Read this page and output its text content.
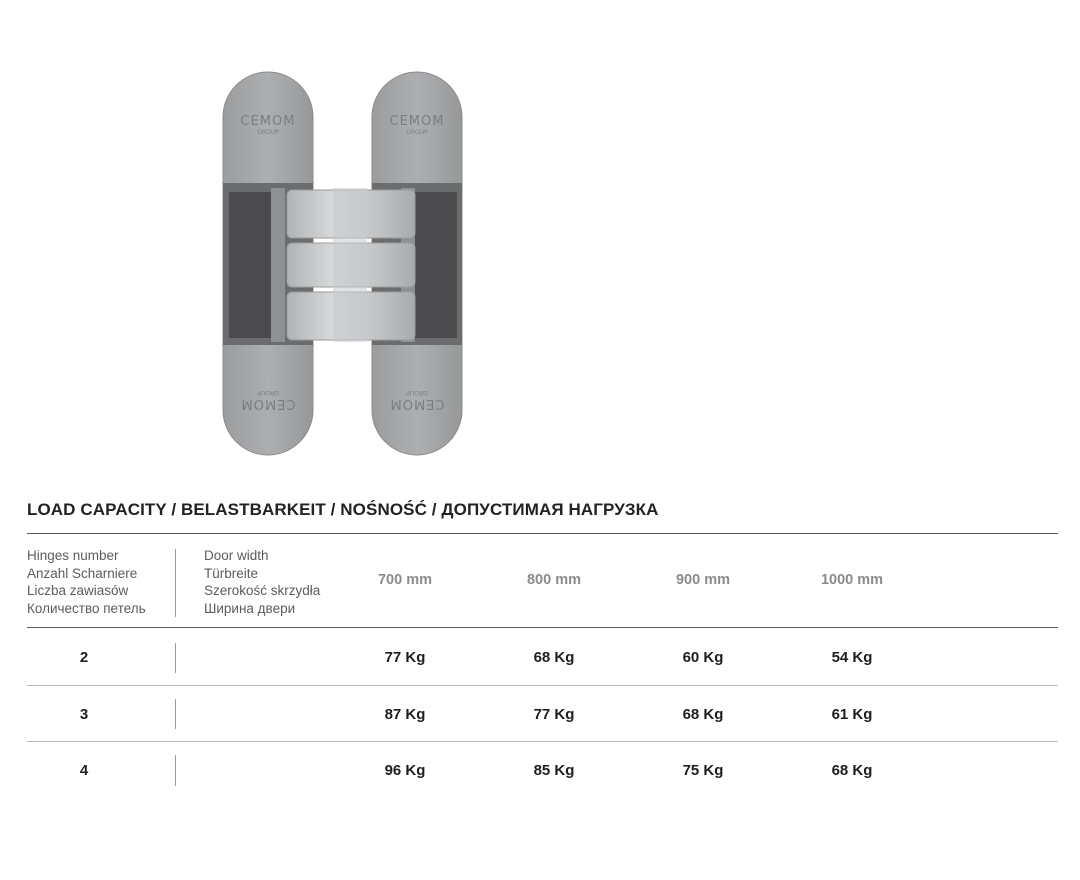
CEMOM
GROUP
CEMOM
GROUP
CEMOM
GROUP
CEMOM
GROUP
LOAD CAPACITY / BELASTBARKEIT / NOŚNOŚĆ / ДОПУСТИМАЯ НАГРУЗКА
Hinges number
Anzahl Scharniere
Liczba zawiasów
Количество петель
Door width
Türbreite
Szerokość skrzydła
Ширина двери
700 mm	800 mm	900 mm	1000 mm
2	77 Kg	68 Kg	60 Kg	54 Kg
3	87 Kg	77 Kg	68 Kg	61 Kg
4	96 Kg	85 Kg	75 Kg	68 Kg
